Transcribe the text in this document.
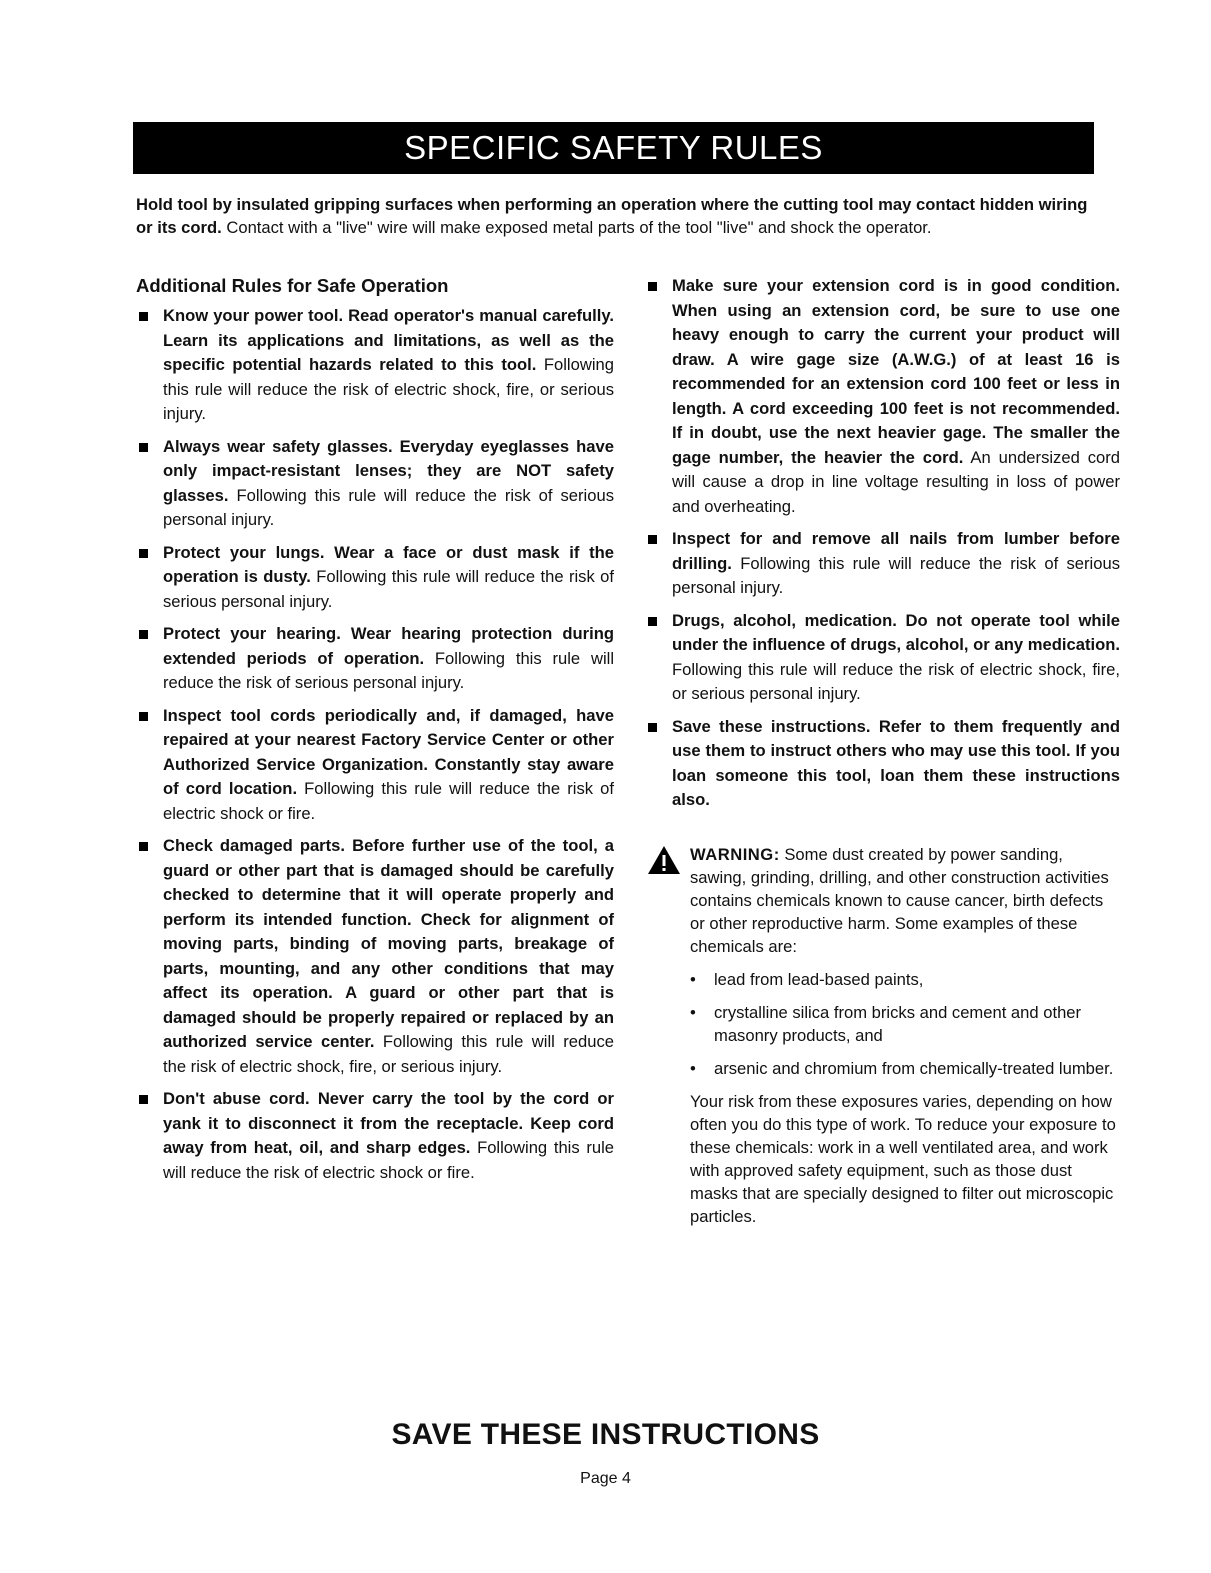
SPECIFIC SAFETY RULES
Hold tool by insulated gripping surfaces when performing an operation where the cutting tool may contact hidden wiring or its cord. Contact with a "live" wire will make exposed metal parts of the tool "live" and shock the operator.
Additional Rules for Safe Operation
Know your power tool. Read operator's manual carefully. Learn its applications and limitations, as well as the specific potential hazards related to this tool. Following this rule will reduce the risk of electric shock, fire, or serious injury.
Always wear safety glasses. Everyday eyeglasses have only impact-resistant lenses; they are NOT safety glasses. Following this rule will reduce the risk of serious personal injury.
Protect your lungs. Wear a face or dust mask if the operation is dusty. Following this rule will reduce the risk of serious personal injury.
Protect your hearing. Wear hearing protection during extended periods of operation. Following this rule will reduce the risk of serious personal injury.
Inspect tool cords periodically and, if damaged, have repaired at your nearest Factory Service Center or other Authorized Service Organization. Constantly stay aware of cord location. Following this rule will reduce the risk of electric shock or fire.
Check damaged parts. Before further use of the tool, a guard or other part that is damaged should be carefully checked to determine that it will operate properly and perform its intended function. Check for alignment of moving parts, binding of moving parts, breakage of parts, mounting, and any other conditions that may affect its operation. A guard or other part that is damaged should be properly repaired or replaced by an authorized service center. Following this rule will reduce the risk of electric shock, fire, or serious injury.
Don't abuse cord. Never carry the tool by the cord or yank it to disconnect it from the receptacle. Keep cord away from heat, oil, and sharp edges. Following this rule will reduce the risk of electric shock or fire.
Make sure your extension cord is in good condition. When using an extension cord, be sure to use one heavy enough to carry the current your product will draw. A wire gage size (A.W.G.) of at least 16 is recommended for an extension cord 100 feet or less in length. A cord exceeding 100 feet is not recommended. If in doubt, use the next heavier gage. The smaller the gage number, the heavier the cord. An undersized cord will cause a drop in line voltage resulting in loss of power and overheating.
Inspect for and remove all nails from lumber before drilling. Following this rule will reduce the risk of serious personal injury.
Drugs, alcohol, medication. Do not operate tool while under the influence of drugs, alcohol, or any medication. Following this rule will reduce the risk of electric shock, fire, or serious personal injury.
Save these instructions. Refer to them frequently and use them to instruct others who may use this tool. If you loan someone this tool, loan them these instructions also.
WARNING: Some dust created by power sanding, sawing, grinding, drilling, and other construction activities contains chemicals known to cause cancer, birth defects or other reproductive harm. Some examples of these chemicals are:
• lead from lead-based paints,
• crystalline silica from bricks and cement and other masonry products, and
• arsenic and chromium from chemically-treated lumber.
Your risk from these exposures varies, depending on how often you do this type of work. To reduce your exposure to these chemicals: work in a well ventilated area, and work with approved safety equipment, such as those dust masks that are specially designed to filter out microscopic particles.
SAVE THESE INSTRUCTIONS
Page 4
